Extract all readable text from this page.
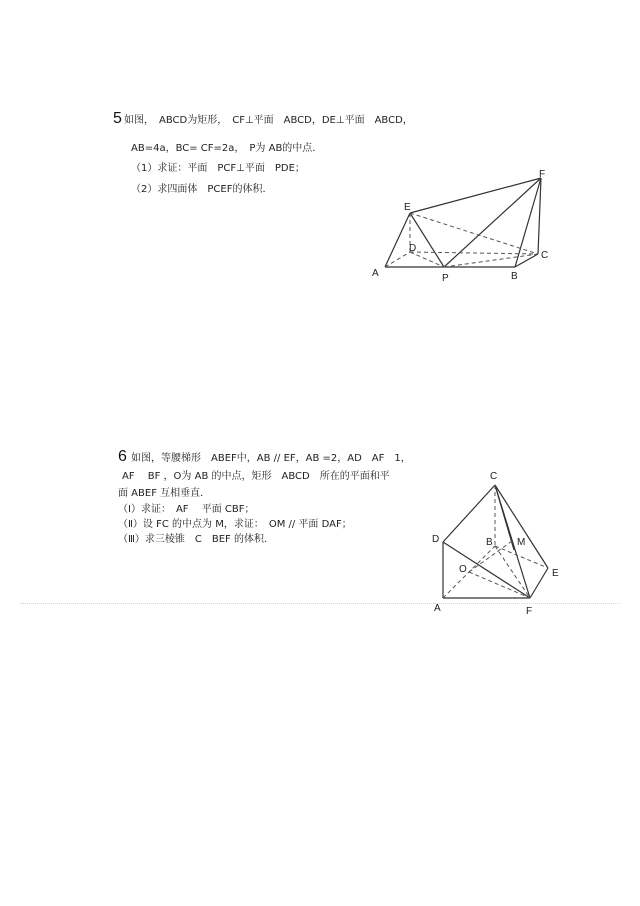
5 如图，　ABCD为矩形，　CF⊥平面　ABCD，DE⊥平面　ABCD，
AB=4a，BC= CF=2a，　P为 AB的中点．
（1）求证：平面　PCF⊥平面　PDE；
（2）求四面体　PCEF的体积．
A	B
C
D
E
F
P
6 如图，等腰梯形　ABEF中，AB // EF，AB =2，AD　AF　1，
AF　 BF ，O为 AB 的中点，矩形　ABCD　所在的平面和平
面 ABEF 互相垂直．
（Ⅰ）求证：　AF　 平面 CBF；
（Ⅱ）设 FC 的中点为 M，求证：　OM // 平面 DAF；
（Ⅲ）求三棱锥　C　BEF 的体积．
C
D	B M
O	E
A	F
